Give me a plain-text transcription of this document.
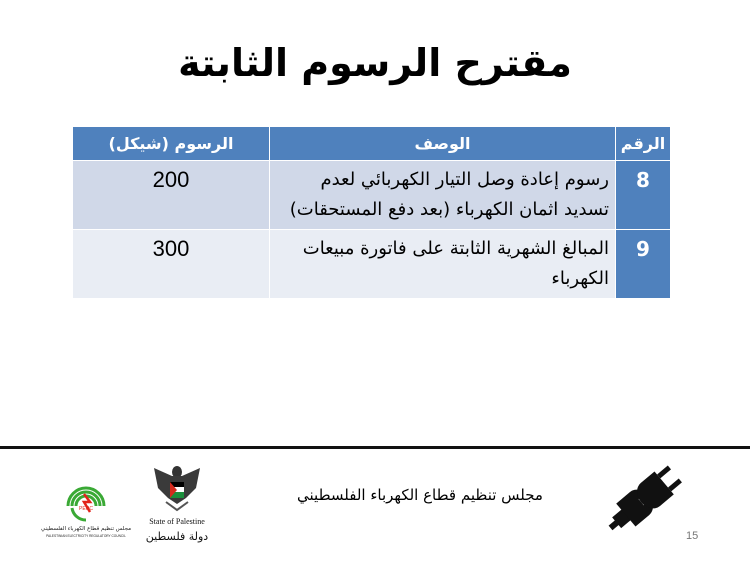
مقترح الرسوم الثابتة
الرقم	الوصف	الرسوم (شيكل)
8	رسوم إعادة وصل التيار الكهربائي لعدم تسديد اثمان الكهرباء (بعد دفع المستحقات)	200
9	المبالغ الشهرية الثابتة على فاتورة مبيعات الكهرباء	300
PERC
مجلس تنظيم قطاع الكهرباء الفلسطيني
PALESTINIAN ELECTRICITY REGULATORY COUNCIL
State of Palestine
دولة فلسطين
مجلس تنظيم قطاع الكهرباء الفلسطيني
15
